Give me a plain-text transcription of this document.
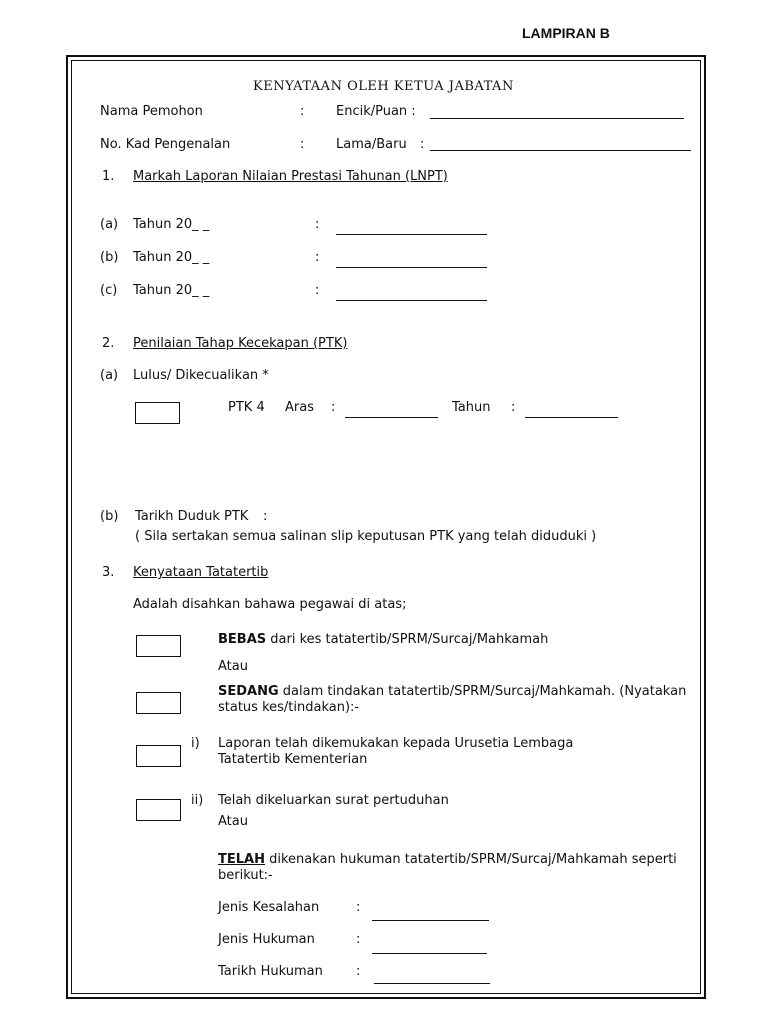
LAMPIRAN B
KENYATAAN OLEH KETUA JABATAN
Nama Pemohon	: Encik/Puan :
No. Kad Pengenalan	: Lama/Baru :
1. Markah Laporan Nilaian Prestasi Tahunan (LNPT)
(a) Tahun 20_ _	:
(b) Tahun 20_ _	:
(c) Tahun 20_ _	:
2. Penilaian Tahap Kecekapan (PTK)
(a) Lulus/ Dikecualikan *
PTK 4 Aras :	Tahun :
(b) Tarikh Duduk PTK :
( Sila sertakan semua salinan slip keputusan PTK yang telah diduduki )
3. Kenyataan Tatatertib
Adalah disahkan bahawa pegawai di atas;
BEBAS dari kes tatatertib/SPRM/Surcaj/Mahkamah
Atau
SEDANG dalam tindakan tatatertib/SPRM/Surcaj/Mahkamah. (Nyatakan
status kes/tindakan):-
i) Laporan telah dikemukakan kepada Urusetia Lembaga
Tatatertib Kementerian
ii) Telah dikeluarkan surat pertuduhan
Atau
TELAH dikenakan hukuman tatatertib/SPRM/Surcaj/Mahkamah seperti
berikut:-
Jenis Kesalahan	:
Jenis Hukuman	:
Tarikh Hukuman	:
